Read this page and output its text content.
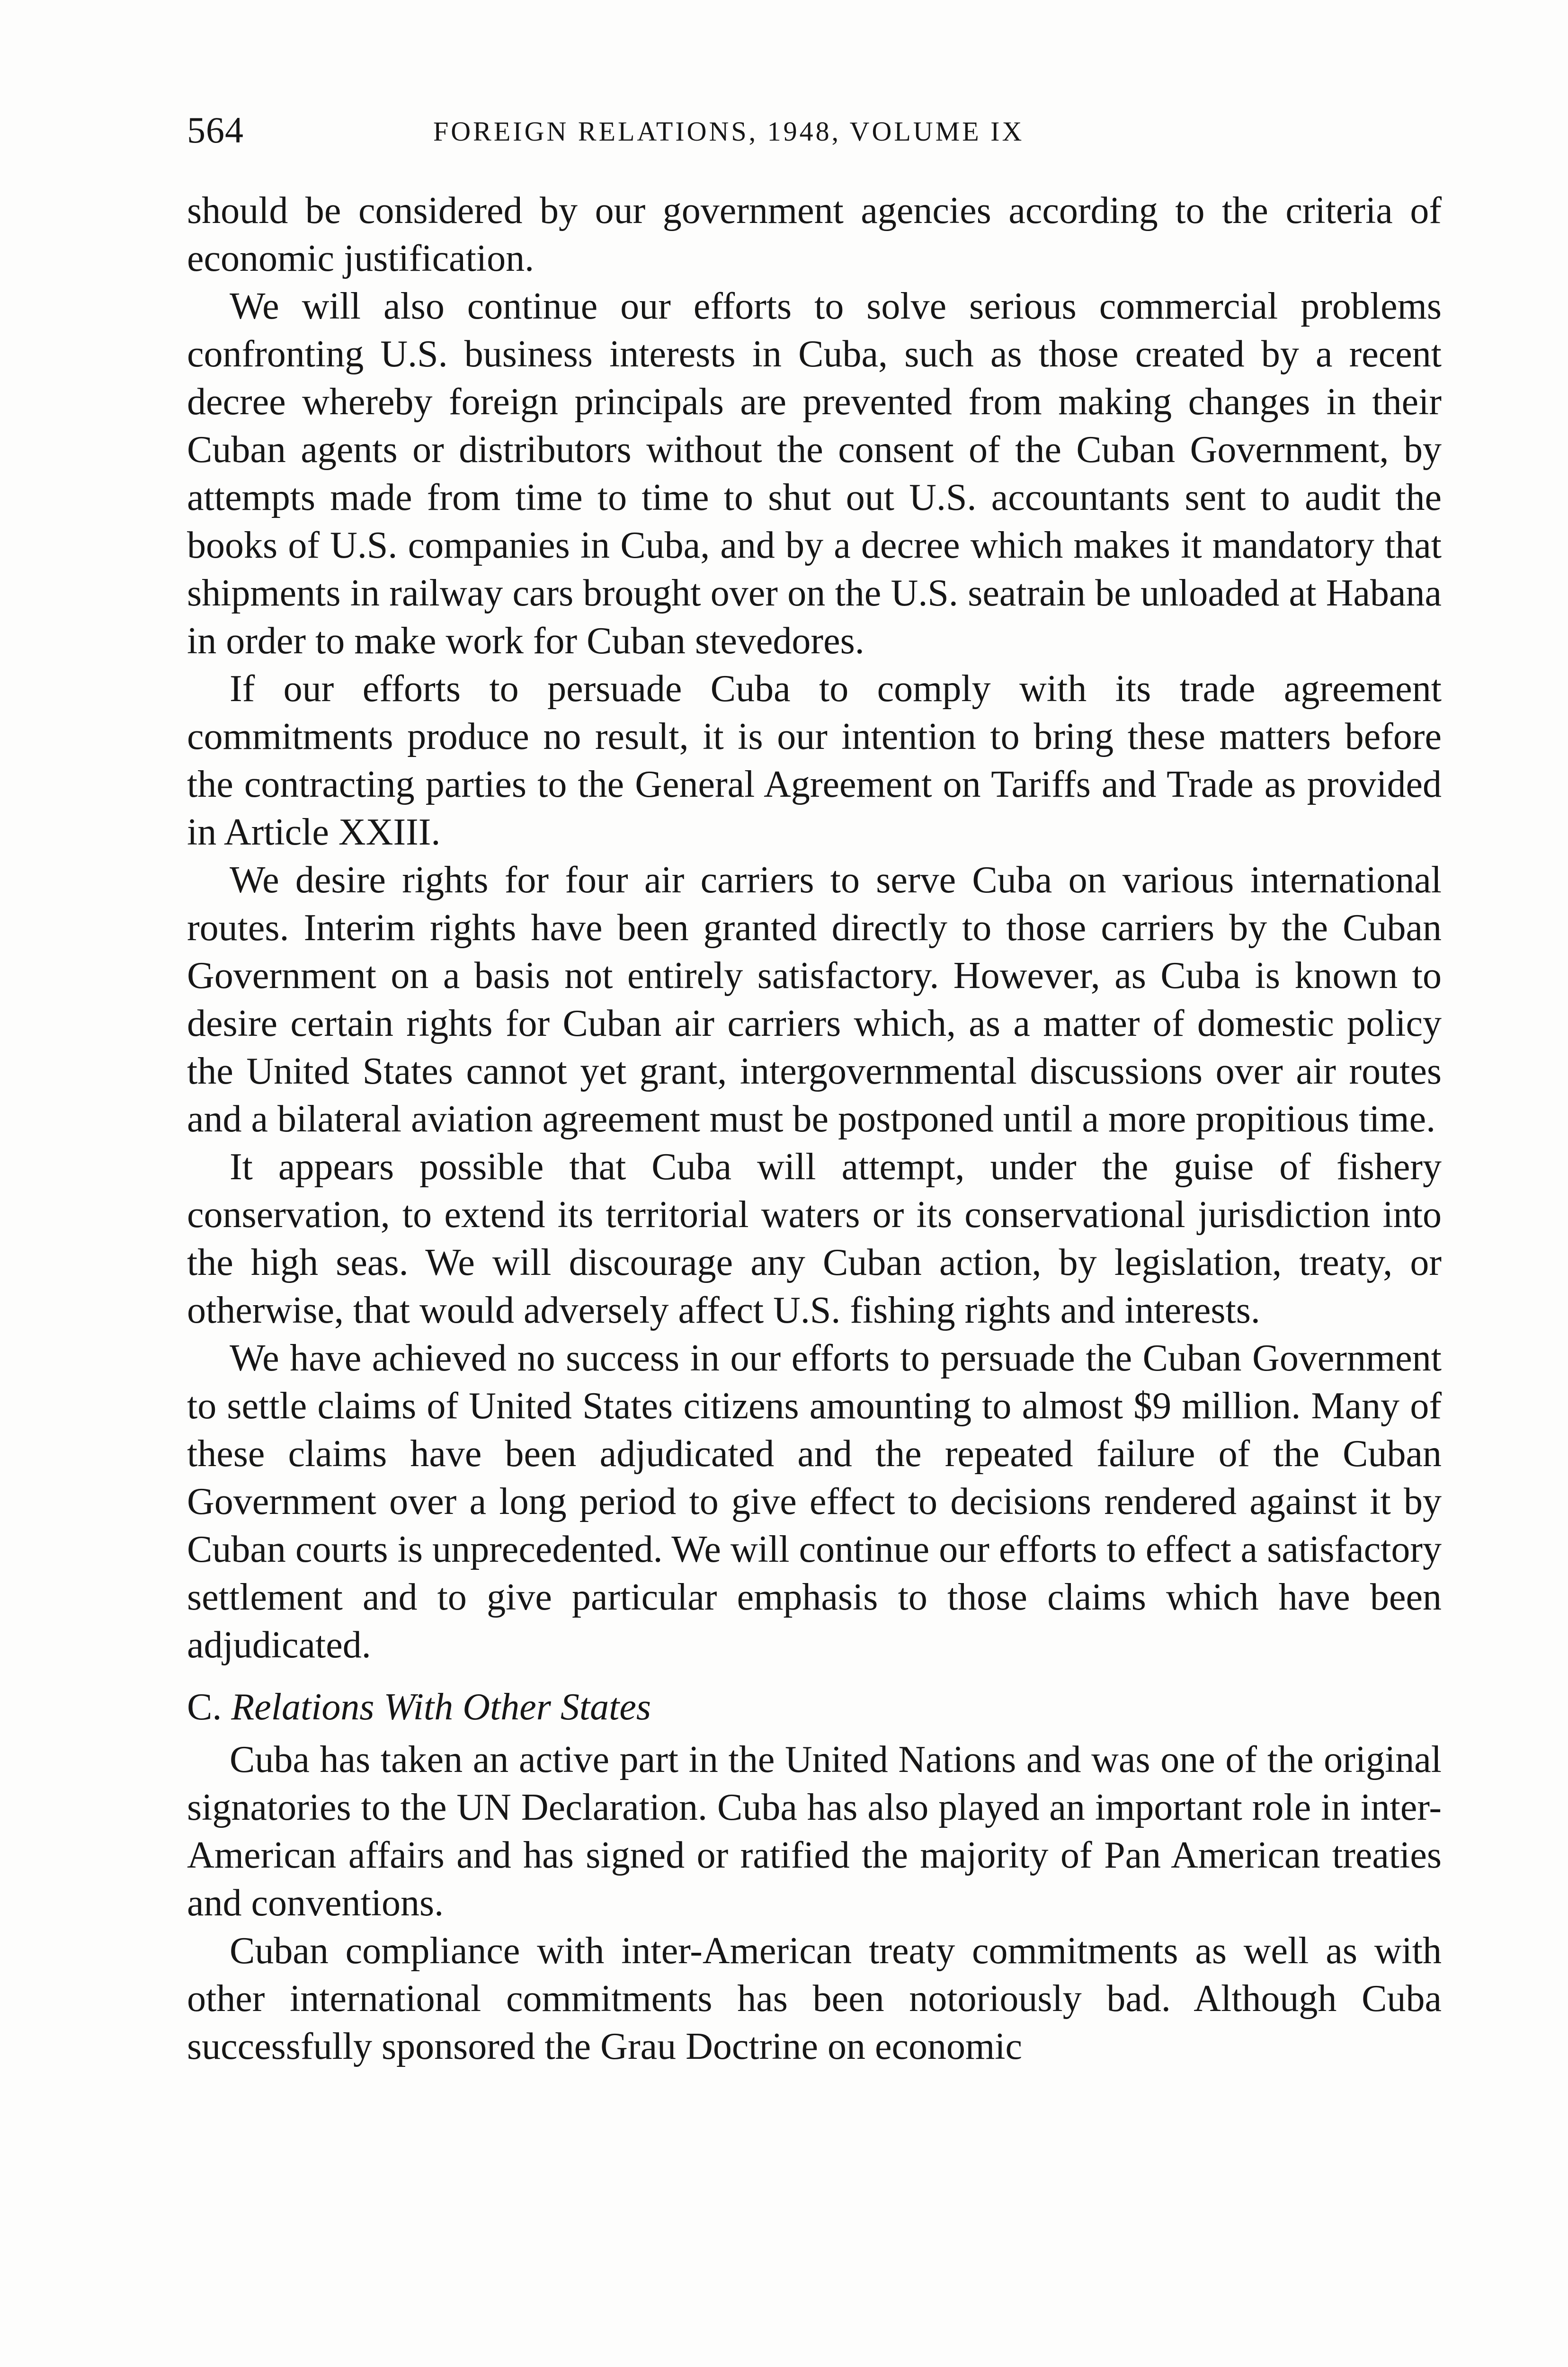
564	FOREIGN RELATIONS, 1948, VOLUME IX

should be considered by our government agencies according to the criteria of economic justification.

We will also continue our efforts to solve serious commercial problems confronting U.S. business interests in Cuba, such as those created by a recent decree whereby foreign principals are prevented from making changes in their Cuban agents or distributors without the consent of the Cuban Government, by attempts made from time to time to shut out U.S. accountants sent to audit the books of U.S. companies in Cuba, and by a decree which makes it mandatory that shipments in railway cars brought over on the U.S. seatrain be unloaded at Habana in order to make work for Cuban stevedores.

If our efforts to persuade Cuba to comply with its trade agreement commitments produce no result, it is our intention to bring these matters before the contracting parties to the General Agreement on Tariffs and Trade as provided in Article XXIII.

We desire rights for four air carriers to serve Cuba on various international routes. Interim rights have been granted directly to those carriers by the Cuban Government on a basis not entirely satisfactory. However, as Cuba is known to desire certain rights for Cuban air carriers which, as a matter of domestic policy the United States cannot yet grant, intergovernmental discussions over air routes and a bilateral aviation agreement must be postponed until a more propitious time.

It appears possible that Cuba will attempt, under the guise of fishery conservation, to extend its territorial waters or its conservational jurisdiction into the high seas. We will discourage any Cuban action, by legislation, treaty, or otherwise, that would adversely affect U.S. fishing rights and interests.

We have achieved no success in our efforts to persuade the Cuban Government to settle claims of United States citizens amounting to almost $9 million. Many of these claims have been adjudicated and the repeated failure of the Cuban Government over a long period to give effect to decisions rendered against it by Cuban courts is unprecedented. We will continue our efforts to effect a satisfactory settlement and to give particular emphasis to those claims which have been adjudicated.

C. Relations With Other States

Cuba has taken an active part in the United Nations and was one of the original signatories to the UN Declaration. Cuba has also played an important role in inter-American affairs and has signed or ratified the majority of Pan American treaties and conventions.

Cuban compliance with inter-American treaty commitments as well as with other international commitments has been notoriously bad. Although Cuba successfully sponsored the Grau Doctrine on economic
